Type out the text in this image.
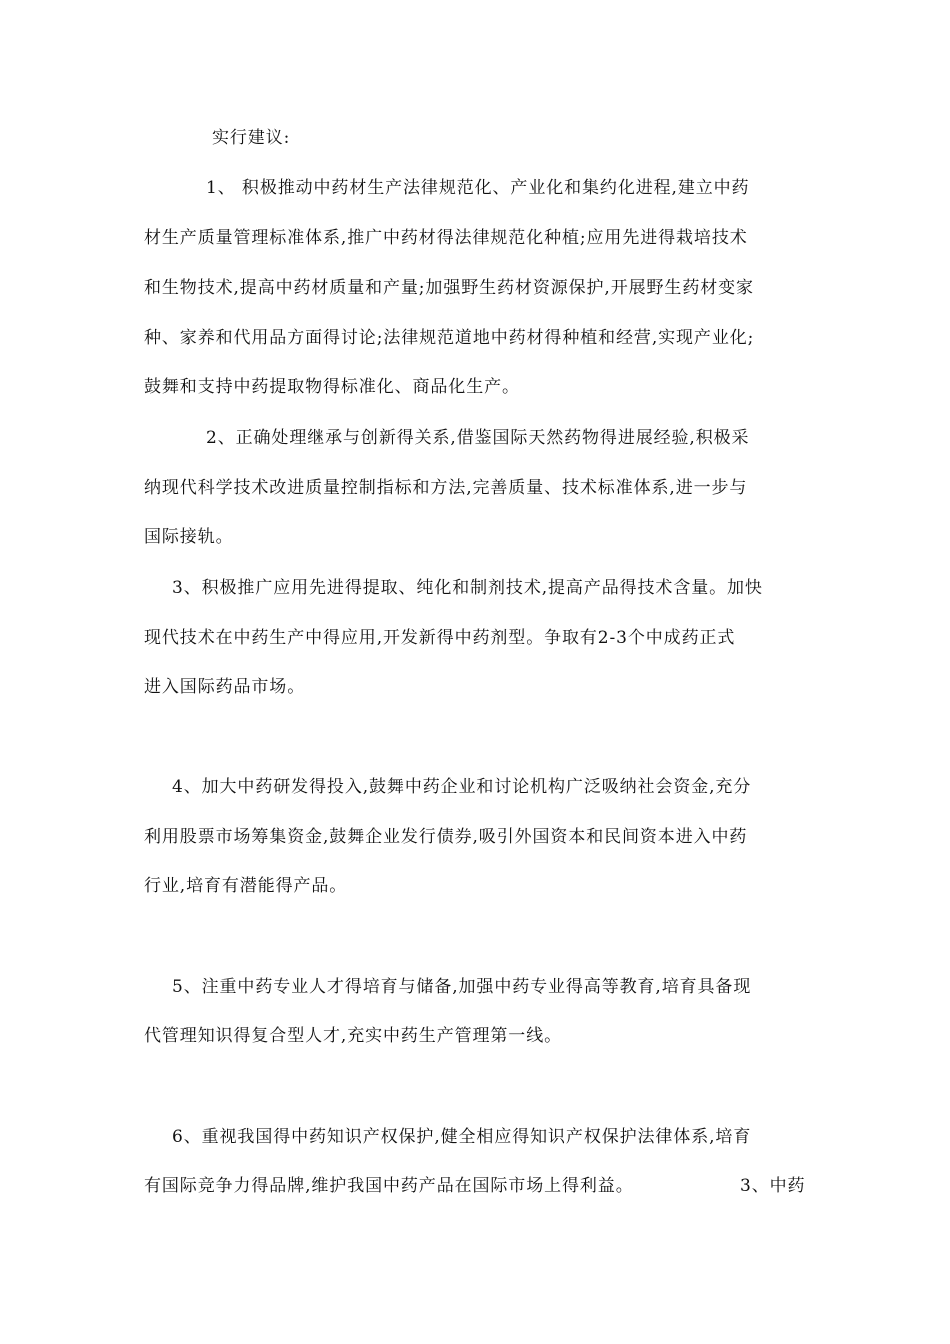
实行建议:
1、 积极推动中药材生产法律规范化、产业化和集约化进程,建立中药
材生产质量管理标准体系,推广中药材得法律规范化种植;应用先进得栽培技术
和生物技术,提高中药材质量和产量;加强野生药材资源保护,开展野生药材变家
种、家养和代用品方面得讨论;法律规范道地中药材得种植和经营,实现产业化;
鼓舞和支持中药提取物得标准化、商品化生产。
2、正确处理继承与创新得关系,借鉴国际天然药物得进展经验,积极采
纳现代科学技术改进质量控制指标和方法,完善质量、技术标准体系,进一步与
国际接轨。
3、积极推广应用先进得提取、纯化和制剂技术,提高产品得技术含量。加快
现代技术在中药生产中得应用,开发新得中药剂型。争取有2-3个中成药正式
进入国际药品市场。
4、加大中药研发得投入,鼓舞中药企业和讨论机构广泛吸纳社会资金,充分
利用股票市场筹集资金,鼓舞企业发行债券,吸引外国资本和民间资本进入中药
行业,培育有潜能得产品。
5、注重中药专业人才得培育与储备,加强中药专业得高等教育,培育具备现
代管理知识得复合型人才,充实中药生产管理第一线。
6、重视我国得中药知识产权保护,健全相应得知识产权保护法律体系,培育
有国际竞争力得品牌,维护我国中药产品在国际市场上得利益。	3、中药
